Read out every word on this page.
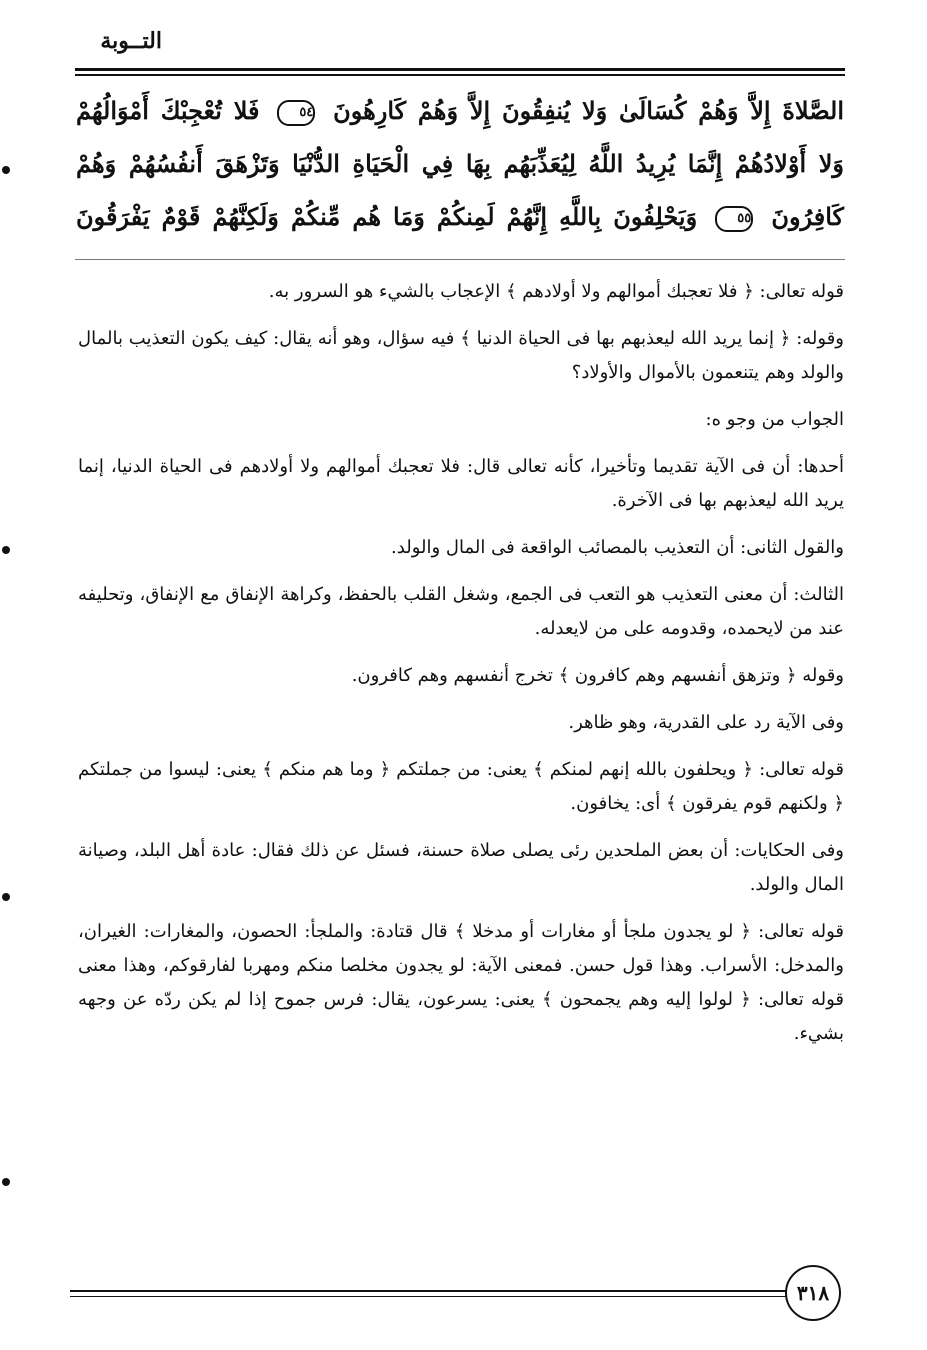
التــوبة
الصَّلاةَ إِلاَّ وَهُمْ كُسَالَىٰ وَلا يُنفِقُونَ إِلاَّ وَهُمْ كَارِهُونَ ٥٤ فَلا تُعْجِبْكَ أَمْوَالُهُمْ
وَلا أَوْلادُهُمْ إِنَّمَا يُرِيدُ اللَّهُ لِيُعَذِّبَهُم بِهَا فِي الْحَيَاةِ الدُّنْيَا وَتَزْهَقَ أَنفُسُهُمْ وَهُمْ
كَافِرُونَ ٥٥ وَيَحْلِفُونَ بِاللَّهِ إِنَّهُمْ لَمِنكُمْ وَمَا هُم مِّنكُمْ وَلَكِنَّهُمْ قَوْمٌ يَفْرَقُونَ

قوله تعالى: ﴿ فلا تعجبك أموالهم ولا أولادهم ﴾ الإعجاب بالشيء هو السرور به.

وقوله: ﴿ إنما يريد الله ليعذبهم بها فى الحياة الدنيا ﴾ فيه سؤال، وهو أنه يقال: كيف يكون التعذيب بالمال والولد وهم يتنعمون بالأموال والأولاد؟

الجواب من وجو ه:

أحدها: أن فى الآية تقديما وتأخيرا، كأنه تعالى قال: فلا تعجبك أموالهم ولا أولادهم فى الحياة الدنيا، إنما يريد الله ليعذبهم بها فى الآخرة.

والقول الثانى: أن التعذيب بالمصائب الواقعة فى المال والولد.

الثالث: أن معنى التعذيب هو التعب فى الجمع، وشغل القلب بالحفظ، وكراهة الإنفاق مع الإنفاق، وتحليفه عند من لايحمده، وقدومه على من لايعدله.

وقوله ﴿ وتزهق أنفسهم وهم كافرون ﴾ تخرج أنفسهم وهم كافرون.

وفى الآية رد على القدرية، وهو ظاهر.

قوله تعالى: ﴿ ويحلفون بالله إنهم لمنكم ﴾ يعنى: من جملتكم ﴿ وما هم منكم ﴾ يعنى: ليسوا من جملتكم ﴿ ولكنهم قوم يفرقون ﴾ أى: يخافون.

وفى الحكايات: أن بعض الملحدين رئى يصلى صلاة حسنة، فسئل عن ذلك فقال: عادة أهل البلد، وصيانة المال والولد.

قوله تعالى: ﴿ لو يجدون ملجأ أو مغارات أو مدخلا ﴾ قال قتادة: والملجأ: الحصون، والمغارات: الغيران، والمدخل: الأسراب. وهذا قول حسن. فمعنى الآية: لو يجدون مخلصا منكم ومهربا لفارقوكم، وهذا معنى قوله تعالى: ﴿ لولوا إليه وهم يجمحون ﴾ يعنى: يسرعون، يقال: فرس جموح إذا لم يكن ردّه عن وجهه بشيء.

٣١٨
